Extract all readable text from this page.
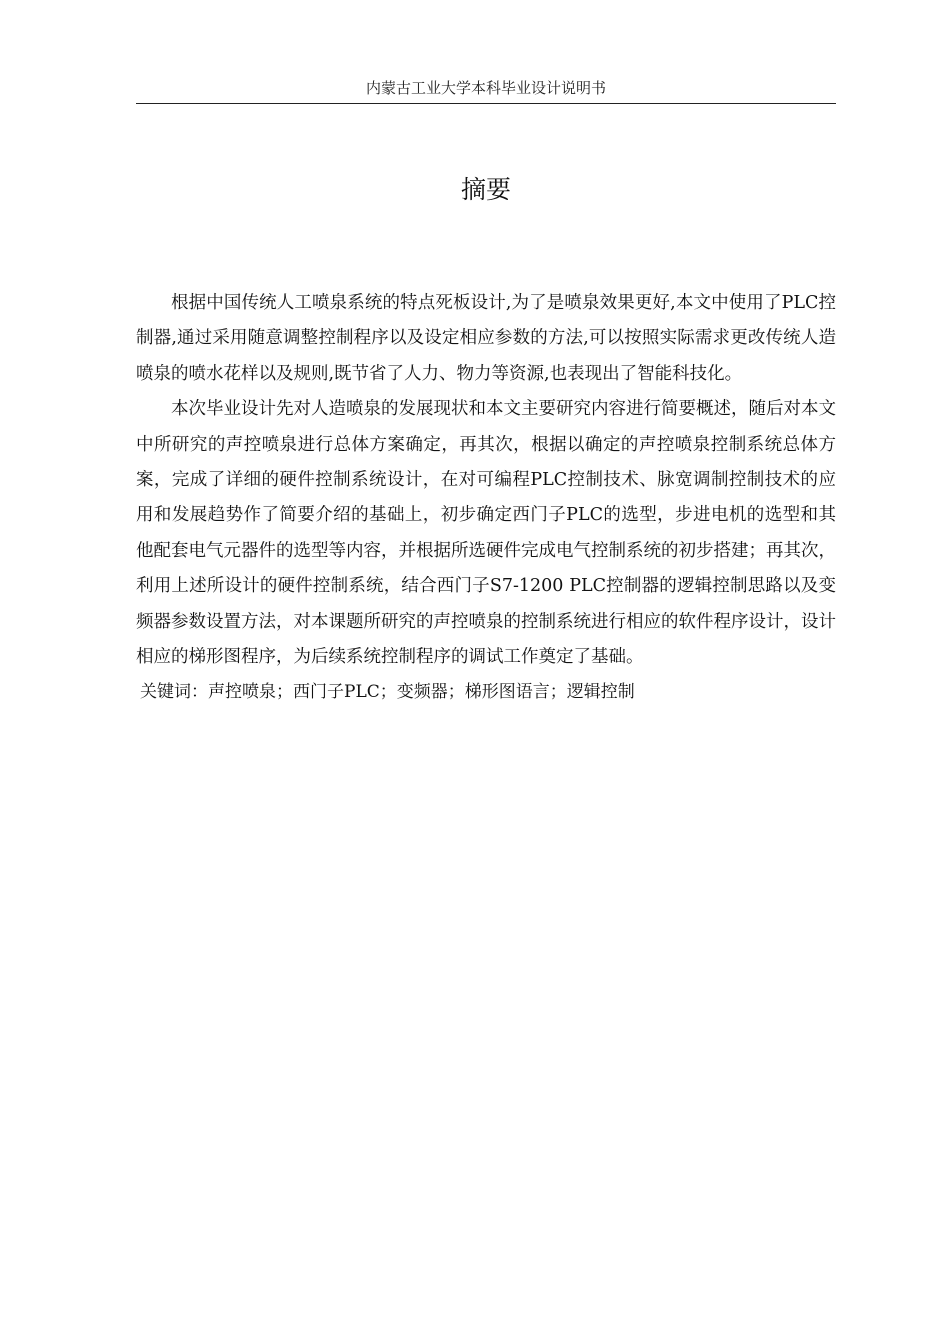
内蒙古工业大学本科毕业设计说明书
摘要

根据中国传统人工喷泉系统的特点死板设计,为了是喷泉效果更好,本文中使用了PLC控制器,通过采用随意调整控制程序以及设定相应参数的方法,可以按照实际需求更改传统人造喷泉的喷水花样以及规则,既节省了人力、物力等资源,也表现出了智能科技化。

本次毕业设计先对人造喷泉的发展现状和本文主要研究内容进行简要概述，随后对本文中所研究的声控喷泉进行总体方案确定，再其次，根据以确定的声控喷泉控制系统总体方案，完成了详细的硬件控制系统设计，在对可编程PLC控制技术、脉宽调制控制技术的应用和发展趋势作了简要介绍的基础上，初步确定西门子PLC的选型，步进电机的选型和其他配套电气元器件的选型等内容，并根据所选硬件完成电气控制系统的初步搭建；再其次，利用上述所设计的硬件控制系统，结合西门子S7-1200 PLC控制器的逻辑控制思路以及变频器参数设置方法，对本课题所研究的声控喷泉的控制系统进行相应的软件程序设计，设计相应的梯形图程序，为后续系统控制程序的调试工作奠定了基础。

关键词：声控喷泉；西门子PLC；变频器；梯形图语言；逻辑控制
